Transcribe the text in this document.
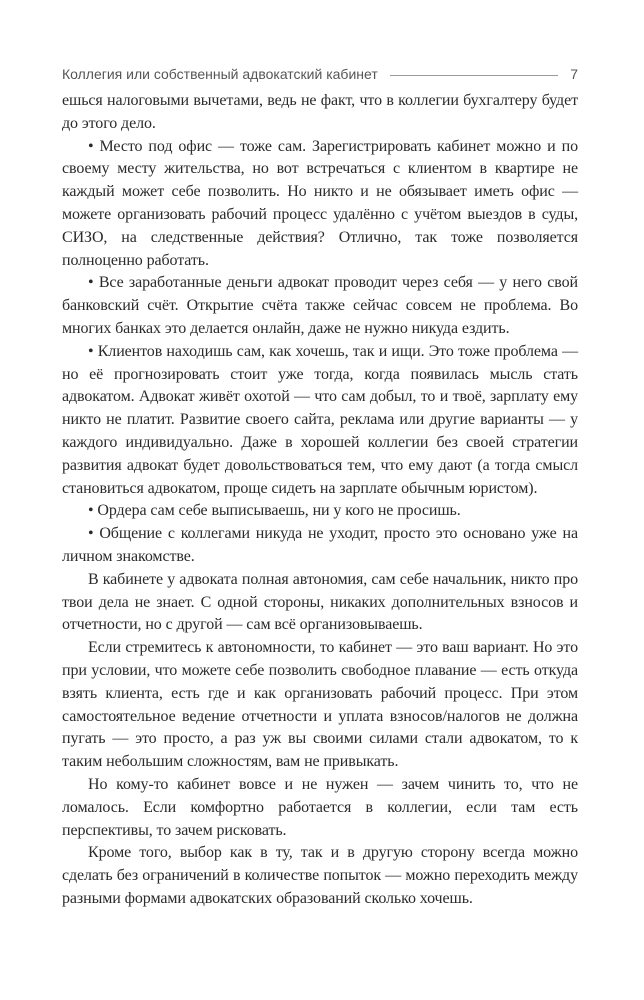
Коллегия или собственный адвокатский кабинет	7

ешься налоговыми вычетами, ведь не факт, что в коллегии бухгалтеру будет до этого дело.

• Место под офис — тоже сам. Зарегистрировать кабинет можно и по своему месту жительства, но вот встречаться с клиентом в квартире не каждый может себе позволить. Но никто и не обязывает иметь офис — можете организовать рабочий процесс удалённо с учётом выездов в суды, СИЗО, на следственные действия? Отлично, так тоже позволяется полноценно работать.

• Все заработанные деньги адвокат проводит через себя — у него свой банковский счёт. Открытие счёта также сейчас совсем не проблема. Во многих банках это делается онлайн, даже не нужно никуда ездить.

• Клиентов находишь сам, как хочешь, так и ищи. Это тоже проблема — но её прогнозировать стоит уже тогда, когда появилась мысль стать адвокатом. Адвокат живёт охотой — что сам добыл, то и твоё, зарплату ему никто не платит. Развитие своего сайта, реклама или другие варианты — у каждого индивидуально. Даже в хорошей коллегии без своей стратегии развития адвокат будет довольствоваться тем, что ему дают (а тогда смысл становиться адвокатом, проще сидеть на зарплате обычным юристом).

• Ордера сам себе выписываешь, ни у кого не просишь.

• Общение с коллегами никуда не уходит, просто это основано уже на личном знакомстве.

В кабинете у адвоката полная автономия, сам себе начальник, никто про твои дела не знает. С одной стороны, никаких дополнительных взносов и отчетности, но с другой — сам всё организовываешь.

Если стремитесь к автономности, то кабинет — это ваш вариант. Но это при условии, что можете себе позволить свободное плавание — есть откуда взять клиента, есть где и как организовать рабочий процесс. При этом самостоятельное ведение отчетности и уплата взносов/налогов не должна пугать — это просто, а раз уж вы своими силами стали адвокатом, то к таким небольшим сложностям, вам не привыкать.

Но кому-то кабинет вовсе и не нужен — зачем чинить то, что не ломалось. Если комфортно работается в коллегии, если там есть перспективы, то зачем рисковать.

Кроме того, выбор как в ту, так и в другую сторону всегда можно сделать без ограничений в количестве попыток — можно переходить между разными формами адвокатских образований сколько хочешь.
